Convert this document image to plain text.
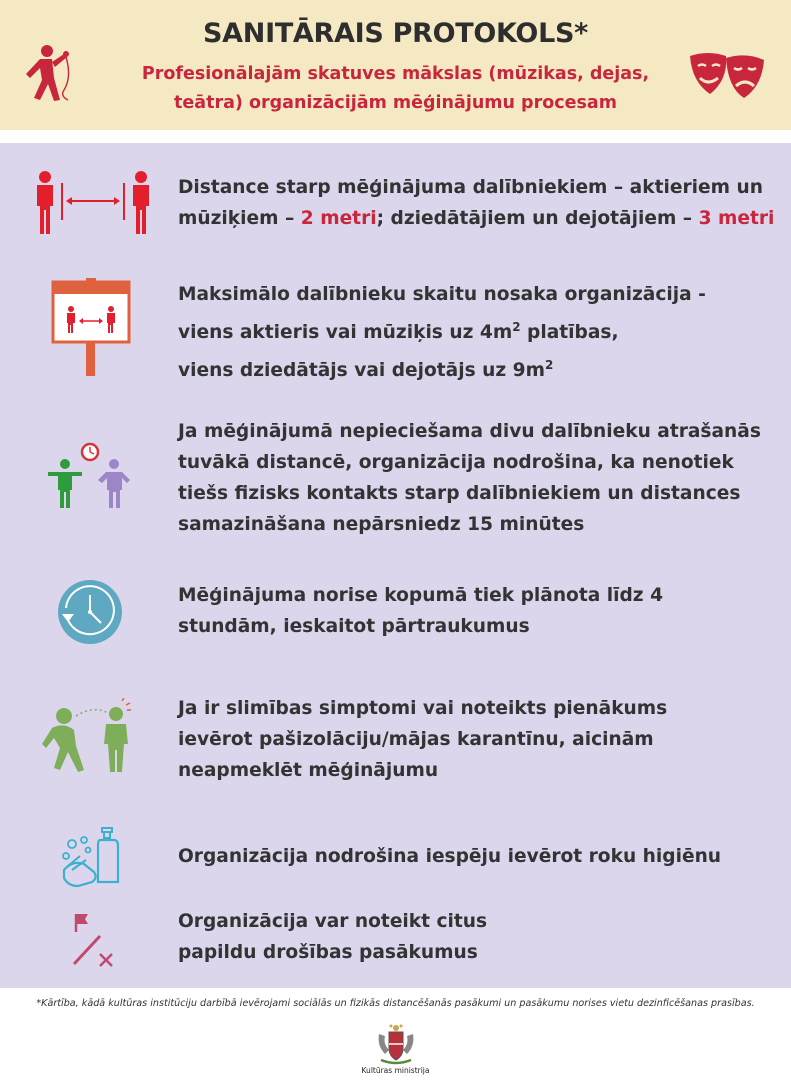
SANITĀRAIS PROTOKOLS*
Profesionālajām skatuves mākslas (mūzikas, dejas,
teātra) organizācijām mēģinājumu procesam
Distance starp mēģinājuma dalībniekiem – aktieriem un
mūziķiem – 2 metri; dziedātājiem un dejotājiem – 3 metri
Maksimālo dalībnieku skaitu nosaka organizācija -
viens aktieris vai mūziķis uz $4m^2$ platības,
viens dziedātājs vai dejotājs uz $9m^2$
Ja mēģinājumā nepieciešama divu dalībnieku atrašanās
tuvākā distancē, organizācija nodrošina, ka nenotiek
tiešs fizisks kontakts starp dalībniekiem un distances
samazināšana nepārsniedz 15 minūtes
Mēģinājuma norise kopumā tiek plānota līdz 4
stundām, ieskaitot pārtraukumus
Ja ir slimības simptomi vai noteikts pienākums
ievērot pašizolāciju/mājas karantīnu, aicinām
neapmeklēt mēģinājumu
Organizācija nodrošina iespēju ievērot roku higiēnu
Organizācija var noteikt citus
papildu drošības pasākumus
*Kārtība, kādā kultūras institūciju darbībā ievērojami sociālās un fizikās distancēšanās pasākumi un pasākumu norises vietu dezinficēšanas prasības.
Kultūras ministrija
